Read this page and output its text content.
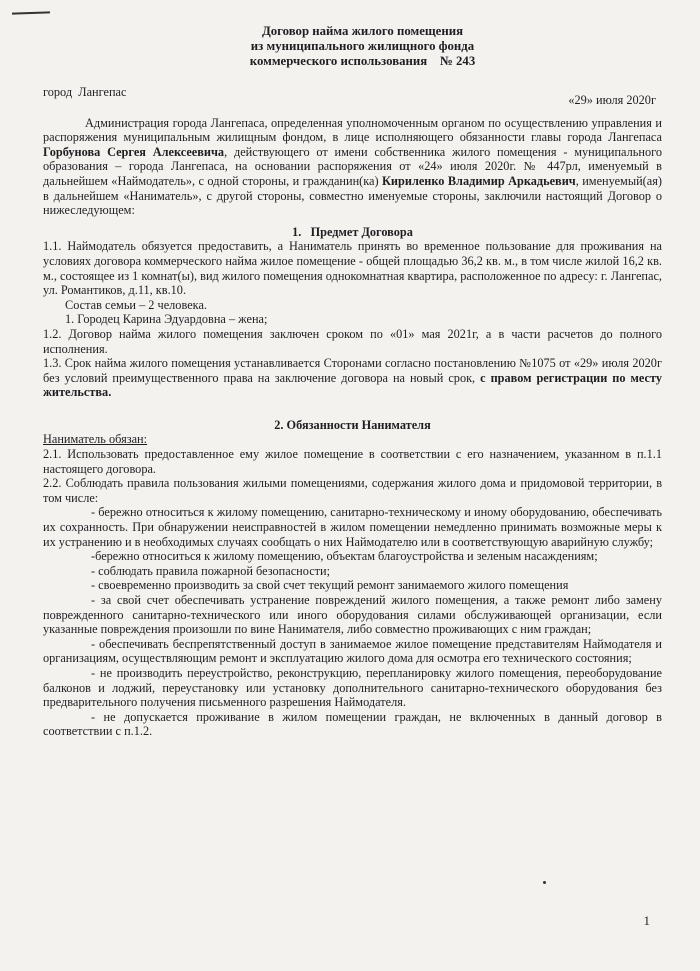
Договор найма жилого помещения
из муниципального жилищного фонда
коммерческого использования    № 243
город  Лангепас
«29» июля 2020г

Администрация города Лангепаса, определенная уполномоченным органом по осуществлению управления и распоряжения муниципальным жилищным фондом, в лице исполняющего обязанности главы города Лангепаса Горбунова Сергея Алексеевича, действующего от имени собственника жилого помещения - муниципального образования – города Лангепаса, на основании распоряжения от «24» июля 2020г. № 447рл, именуемый в дальнейшем «Наймодатель», с одной стороны, и гражданин(ка) Кириленко Владимир Аркадьевич, именуемый(ая) в дальнейшем «Наниматель», с другой стороны, совместно именуемые стороны, заключили настоящий Договор о нижеследующем:

1.   Предмет Договора

1.1. Наймодатель обязуется предоставить, а Наниматель принять во временное пользование для проживания на условиях договора коммерческого найма жилое помещение - общей площадью 36,2 кв. м., в том числе жилой 16,2 кв. м., состоящее из 1 комнат(ы), вид жилого помещения однокомнатная квартира, расположенное по адресу: г. Лангепас, ул. Романтиков, д.11, кв.10.

Состав семьи – 2 человека.
1. Городец Карина Эдуардовна – жена;

1.2. Договор найма жилого помещения заключен сроком по «01» мая 2021г, а в части расчетов до полного исполнения.

1.3. Срок найма жилого помещения устанавливается Сторонами согласно постановлению №1075 от «29» июля 2020г без условий преимущественного права на заключение договора на новый срок, с правом регистрации по месту жительства.

2. Обязанности Нанимателя
Наниматель обязан:

2.1. Использовать предоставленное ему жилое помещение в соответствии с его назначением, указанном в п.1.1 настоящего договора.

2.2. Соблюдать правила пользования жилыми помещениями, содержания жилого дома и придомовой территории, в том числе:

- бережно относиться к жилому помещению, санитарно-техническому и иному оборудованию, обеспечивать их сохранность. При обнаружении неисправностей в жилом помещении немедленно принимать возможные меры к их устранению и в необходимых случаях сообщать о них Наймодателю или в соответствующую аварийную службу;

-бережно относиться к жилому помещению, объектам благоустройства и зеленым насаждениям;

- соблюдать правила пожарной безопасности;

- своевременно производить за свой счет текущий ремонт занимаемого жилого помещения

- за свой счет обеспечивать устранение повреждений жилого помещения, а также ремонт либо замену поврежденного санитарно-технического или иного оборудования силами обслуживающей организации, если указанные повреждения произошли по вине Нанимателя, либо совместно проживающих с ним граждан;

- обеспечивать беспрепятственный доступ в занимаемое жилое помещение представителям Наймодателя и организациям, осуществляющим ремонт и эксплуатацию жилого дома для осмотра его технического состояния;

- не производить переустройство, реконструкцию, перепланировку жилого помещения, переоборудование балконов и лоджий, переустановку или установку дополнительного санитарно-технического оборудования без предварительного получения письменного разрешения Наймодателя.

- не допускается проживание в жилом помещении граждан, не включенных в данный договор в соответствии с п.1.2.

1
